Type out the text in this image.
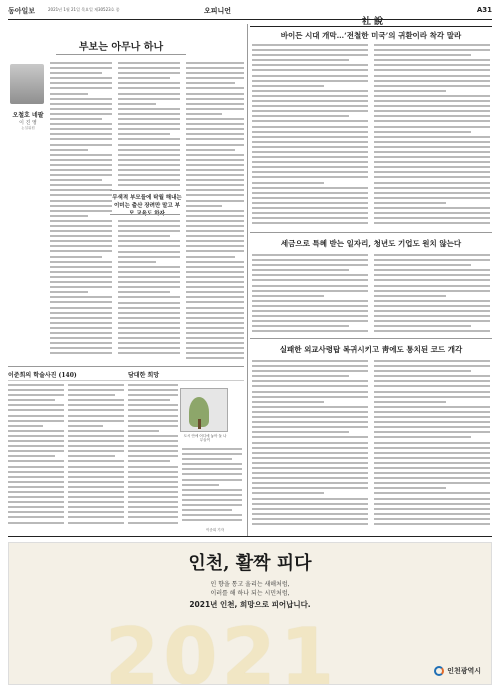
동아일보	2021년 1월 21일 목요일 제30523호 종	오피니언	A31
부보는 아무나 하나
오철호 네팔
이 진 영
논설위원
무색적 부모들에 탁월 해내는 이미는 출산 장려만 말고 부모 교육도 하자
이준희의 학술사진 (140)	담대한 희망
도시 안에 어디에 놓아 둘 나무들이
이준희 기자
社說
바이든 시대 개막…‘전철한 미국’의 귀환이라 착각 말라
세금으로 특혜 받는 일자리, 청년도 기업도 원치 않는다
실패한 외교사령탑 복귀시키고 靑에도 통치된 코드 개각
2021
인천, 활짝 피다
인 향을 통고 울리는 새해처럼,
이러를 해 하나 되는 시민처럼,
2021년 인천, 희망으로 피어납니다.
인천광역시
